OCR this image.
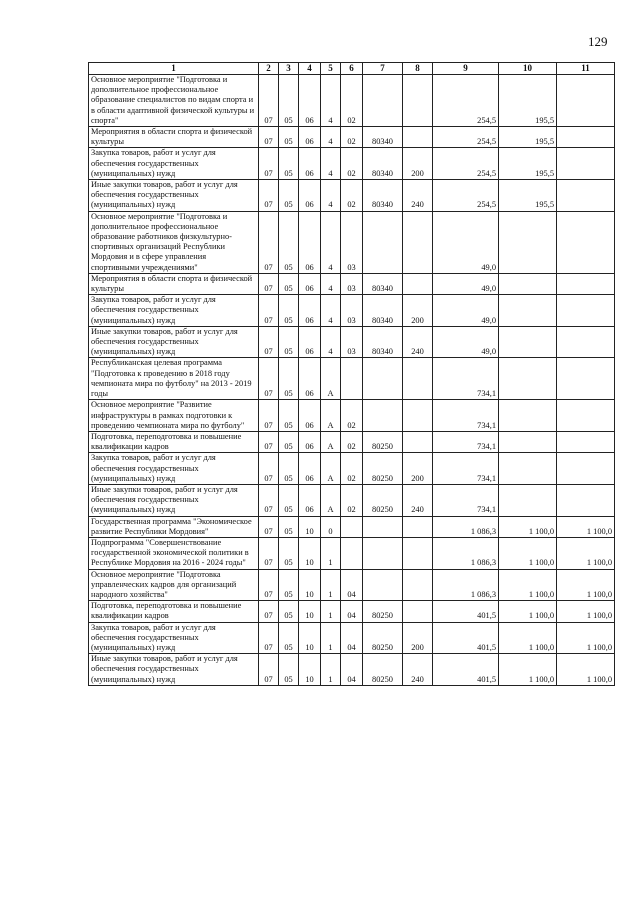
129
1	2	3	4	5	6	7	8	9	10	11
Основное мероприятие "Подготовка и дополнительное профессиональное образование специалистов по видам спорта и в области адаптивной физической культуры и спорта"	07	05	06	4	02			254,5	195,5	
Мероприятия в области спорта и физической культуры	07	05	06	4	02	80340		254,5	195,5	
Закупка товаров, работ и услуг для обеспечения государственных (муниципальных) нужд	07	05	06	4	02	80340	200	254,5	195,5	
Иные закупки товаров, работ и услуг для обеспечения государственных (муниципальных) нужд	07	05	06	4	02	80340	240	254,5	195,5	
Основное мероприятие "Подготовка и дополнительное профессиональное образование работников физкультурно-спортивных организаций Республики Мордовия и в сфере управления спортивными учреждениями"	07	05	06	4	03			49,0		
Мероприятия в области спорта и физической культуры	07	05	06	4	03	80340		49,0		
Закупка товаров, работ и услуг для обеспечения государственных (муниципальных) нужд	07	05	06	4	03	80340	200	49,0		
Иные закупки товаров, работ и услуг для обеспечения государственных (муниципальных) нужд	07	05	06	4	03	80340	240	49,0		
Республиканская целевая программа "Подготовка к проведению в 2018 году чемпионата мира по футболу" на 2013 - 2019 годы	07	05	06	А				734,1		
Основное мероприятие "Развитие инфраструктуры в рамках подготовки к проведению чемпионата мира по футболу"	07	05	06	А	02			734,1		
Подготовка, переподготовка и повышение квалификации кадров	07	05	06	А	02	80250		734,1		
Закупка товаров, работ и услуг для обеспечения государственных (муниципальных) нужд	07	05	06	А	02	80250	200	734,1		
Иные закупки товаров, работ и услуг для обеспечения государственных (муниципальных) нужд	07	05	06	А	02	80250	240	734,1		
Государственная программа "Экономическое развитие Республики Мордовия"	07	05	10	0				1 086,3	1 100,0	1 100,0
Подпрограмма "Совершенствование государственной экономической политики в Республике Мордовия на 2016 - 2024 годы"	07	05	10	1				1 086,3	1 100,0	1 100,0
Основное мероприятие "Подготовка управленческих кадров для организаций народного хозяйства"	07	05	10	1	04			1 086,3	1 100,0	1 100,0
Подготовка, переподготовка и повышение квалификации кадров	07	05	10	1	04	80250		401,5	1 100,0	1 100,0
Закупка товаров, работ и услуг для обеспечения государственных (муниципальных) нужд	07	05	10	1	04	80250	200	401,5	1 100,0	1 100,0
Иные закупки товаров, работ и услуг для обеспечения государственных (муниципальных) нужд	07	05	10	1	04	80250	240	401,5	1 100,0	1 100,0
